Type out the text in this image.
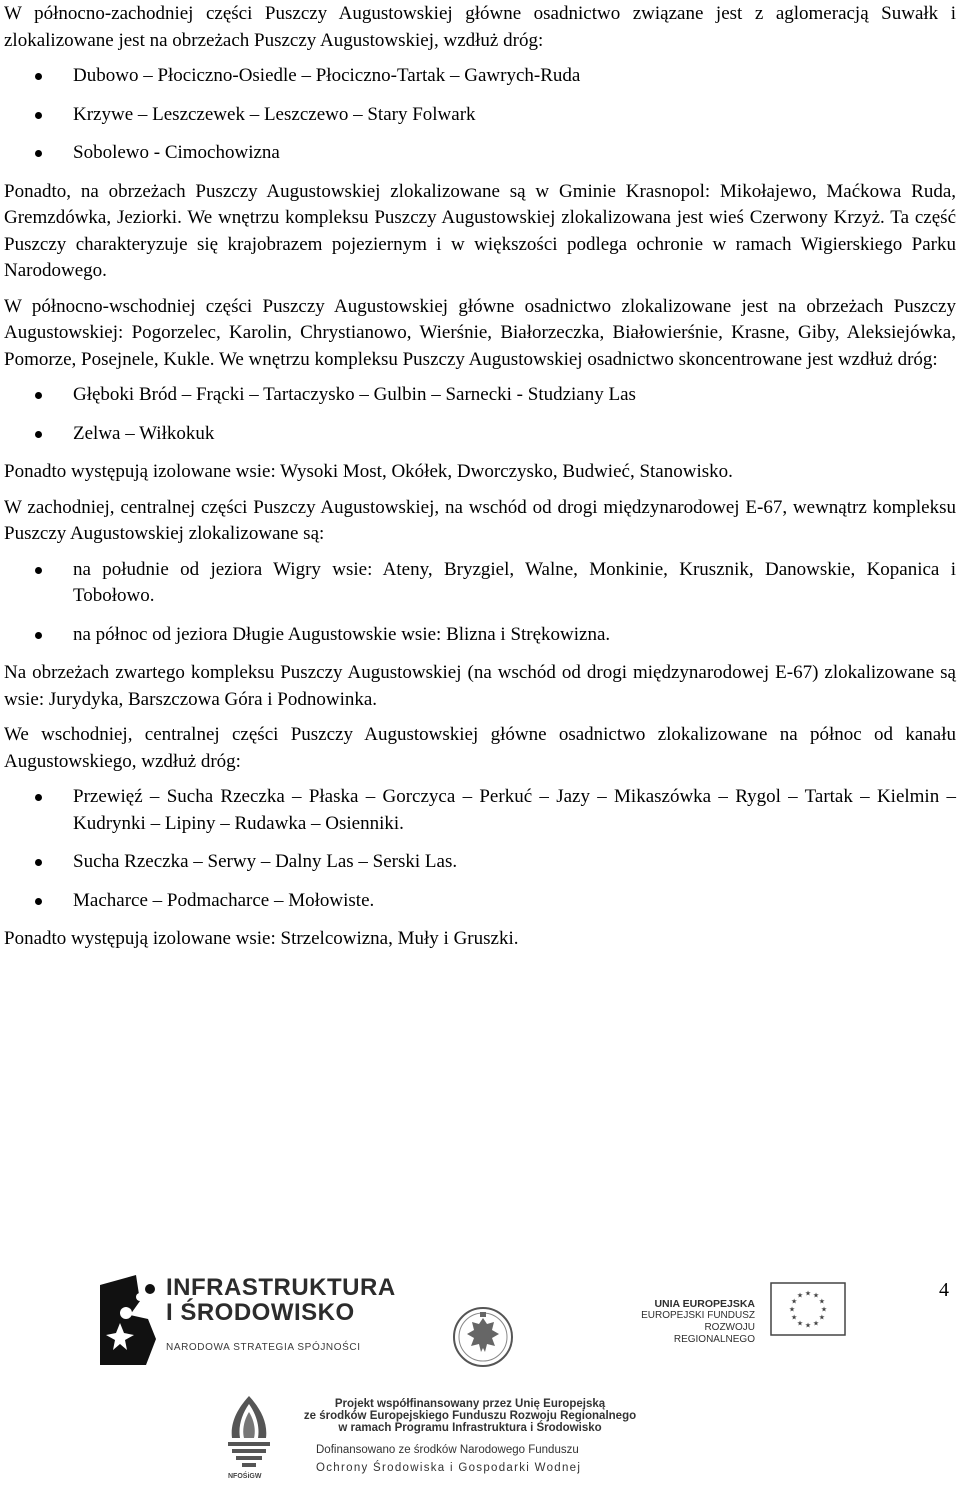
W północno-zachodniej części Puszczy Augustowskiej główne osadnictwo związane jest z aglomeracją Suwałk i zlokalizowane jest na obrzeżach Puszczy Augustowskiej, wzdłuż dróg:

Dubowo – Płociczno-Osiedle – Płociczno-Tartak – Gawrych-Ruda
Krzywe – Leszczewek – Leszczewo – Stary Folwark
Sobolewo - Cimochowizna

Ponadto, na obrzeżach Puszczy Augustowskiej zlokalizowane są w Gminie Krasnopol: Mikołajewo, Maćkowa Ruda, Gremzdówka, Jeziorki. We wnętrzu kompleksu Puszczy Augustowskiej zlokalizowana jest wieś Czerwony Krzyż. Ta część Puszczy charakteryzuje się krajobrazem pojeziernym i w większości podlega ochronie w ramach Wigierskiego Parku Narodowego.

W północno-wschodniej części Puszczy Augustowskiej główne osadnictwo zlokalizowane jest na obrzeżach Puszczy Augustowskiej: Pogorzelec, Karolin, Chrystianowo, Wierśnie, Białorzeczka, Białowierśnie, Krasne, Giby, Aleksiejówka, Pomorze, Posejnele, Kukle. We wnętrzu kompleksu Puszczy Augustowskiej osadnictwo skoncentrowane jest wzdłuż dróg:

Głęboki Bród – Frącki – Tartaczysko – Gulbin – Sarnecki - Studziany Las
Zelwa – Wiłkokuk

Ponadto występują izolowane wsie: Wysoki Most, Okółek, Dworczysko, Budwieć, Stanowisko.

W zachodniej, centralnej części Puszczy Augustowskiej, na wschód od drogi międzynarodowej E-67, wewnątrz kompleksu Puszczy Augustowskiej zlokalizowane są:

na południe od jeziora Wigry wsie: Ateny, Bryzgiel, Walne, Monkinie, Krusznik, Danowskie, Kopanica i Tobołowo.
na północ od jeziora Długie Augustowskie wsie: Blizna i Strękowizna.

Na obrzeżach zwartego kompleksu Puszczy Augustowskiej (na wschód od drogi międzynarodowej E-67) zlokalizowane są wsie: Jurydyka, Barszczowa Góra i Podnowinka.

We wschodniej, centralnej części Puszczy Augustowskiej główne osadnictwo zlokalizowane na północ od kanału Augustowskiego, wzdłuż dróg:

Przewięź – Sucha Rzeczka – Płaska – Gorczyca – Perkuć – Jazy – Mikaszówka – Rygol – Tartak – Kielmin – Kudrynki – Lipiny – Rudawka – Osienniki.
Sucha Rzeczka – Serwy – Dalny Las – Serski Las.
Macharce – Podmacharce – Mołowiste.

Ponadto występują izolowane wsie: Strzelcowizna, Muły i Gruszki.

4
INFRASTRUKTURA
I ŚRODOWISKO
NARODOWA STRATEGIA SPÓJNOŚCI
UNIA EUROPEJSKA
EUROPEJSKI FUNDUSZ
ROZWOJU REGIONALNEGO
★ ★
★
★
★
★
★
★
★
★
★
★
Projekt współfinansowany przez Unię Europejską
ze środków Europejskiego Funduszu Rozwoju Regionalnego
w ramach Programu Infrastruktura i Środowisko
NFOŚiGW
Dofinansowano ze środków Narodowego Funduszu
Ochrony Środowiska i Gospodarki Wodnej
